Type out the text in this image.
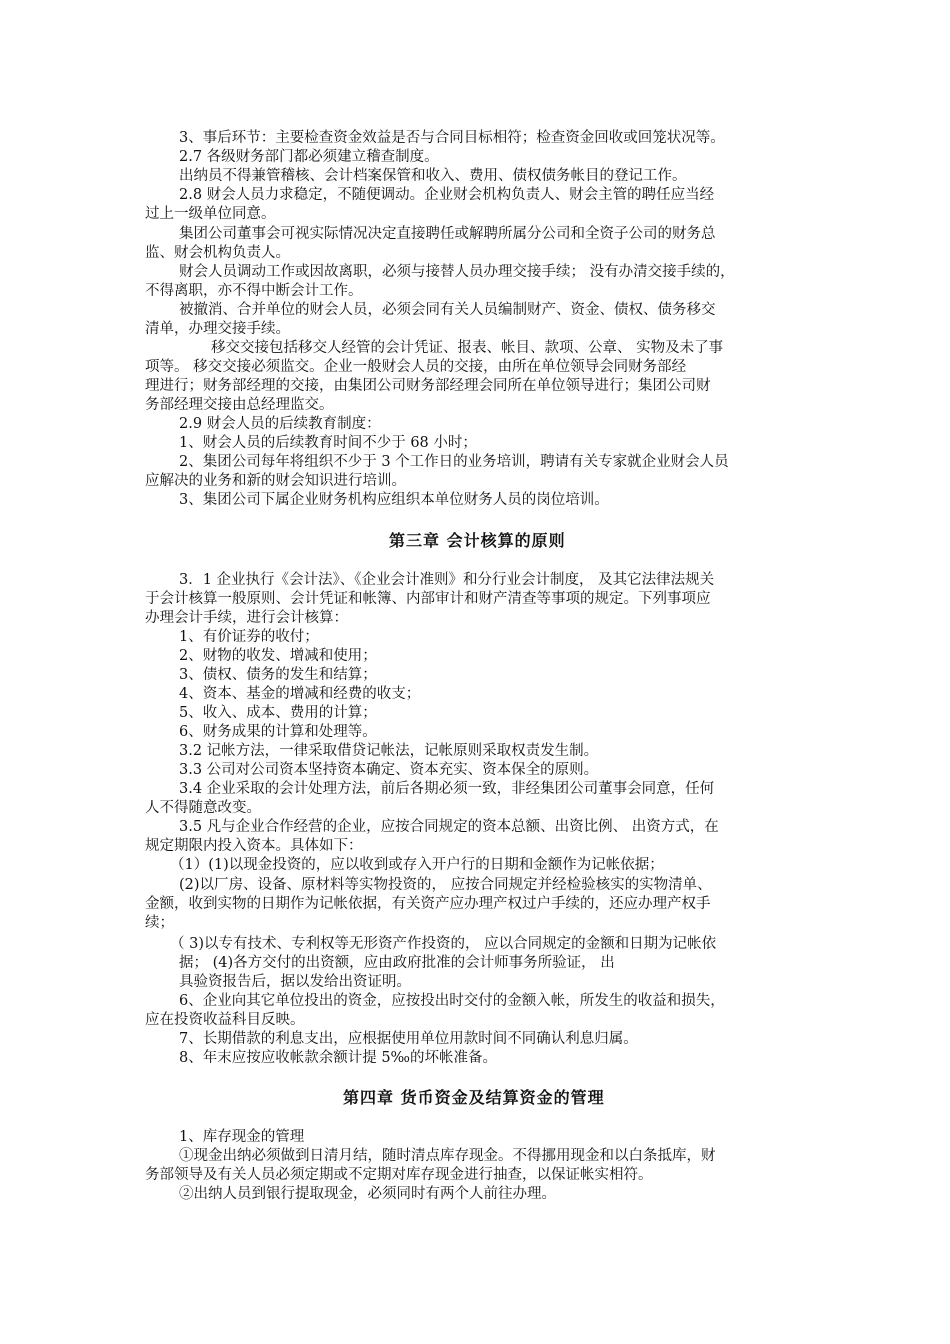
3、事后环节：主要检查资金效益是否与合同目标相符；检查资金回收或回笼状况等。

2.7 各级财务部门都必须建立稽查制度。

出纳员不得兼管稽核、会计档案保管和收入、费用、债权债务帐目的登记工作。

2.8 财会人员力求稳定，不随便调动。企业财会机构负责人、财会主管的聘任应当经

过上一级单位同意。

集团公司董事会可视实际情况决定直接聘任或解聘所属分公司和全资子公司的财务总

监、财会机构负责人。

财会人员调动工作或因故离职，必须与接替人员办理交接手续； 没有办清交接手续的，

不得离职，亦不得中断会计工作。

被撤消、合并单位的财会人员，必须会同有关人员编制财产、资金、债权、债务移交

清单，办理交接手续。

移交交接包括移交人经管的会计凭证、报表、帐目、款项、公章、 实物及未了事

项等。 移交交接必须监交。企业一般财会人员的交接，由所在单位领导会同财务部经

理进行；财务部经理的交接，由集团公司财务部经理会同所在单位领导进行；集团公司财

务部经理交接由总经理监交。

2.9 财会人员的后续教育制度：

1、财会人员的后续教育时间不少于 68 小时；

2、集团公司每年将组织不少于 3 个工作日的业务培训，聘请有关专家就企业财会人员

应解决的业务和新的财会知识进行培训。

3、集团公司下属企业财务机构应组织本单位财务人员的岗位培训。

第三章 会计核算的原则

3．1 企业执行《会计法》、《企业会计准则》和分行业会计制度， 及其它法律法规关

于会计核算一般原则、会计凭证和帐簿、内部审计和财产清查等事项的规定。下列事项应

办理会计手续，进行会计核算：

1、有价证券的收付；

2、财物的收发、增减和使用；

3、债权、债务的发生和结算；

4、资本、基金的增减和经费的收支；

5、收入、成本、费用的计算；

6、财务成果的计算和处理等。

3.2 记帐方法，一律采取借贷记帐法，记帐原则采取权责发生制。

3.3 公司对公司资本坚持资本确定、资本充实、资本保全的原则。

3.4 企业采取的会计处理方法，前后各期必须一致，非经集团公司董事会同意，任何

人不得随意改变。

3.5 凡与企业合作经营的企业，应按合同规定的资本总额、出资比例、 出资方式，在

规定期限内投入资本。具体如下：

（1）(1)以现金投资的，应以收到或存入开户行的日期和金额作为记帐依据；

(2)以厂房、设备、原材料等实物投资的， 应按合同规定并经检验核实的实物清单、

金额，收到实物的日期作为记帐依据，有关资产应办理产权过户手续的，还应办理产权手

续；

（ 3)以专有技术、专利权等无形资产作投资的， 应以合同规定的金额和日期为记帐依

据； (4)各方交付的出资额，应由政府批准的会计师事务所验证， 出

具验资报告后，据以发给出资证明。

6、企业向其它单位投出的资金，应按投出时交付的金额入帐，所发生的收益和损失，

应在投资收益科目反映。

7、长期借款的利息支出，应根据使用单位用款时间不同确认利息归属。

8、年末应按应收帐款余额计提 5‰的坏帐准备。

第四章 货币资金及结算资金的管理

1、库存现金的管理

①现金出纳必须做到日清月结，随时清点库存现金。不得挪用现金和以白条抵库，财

务部领导及有关人员必须定期或不定期对库存现金进行抽查，以保证帐实相符。

②出纳人员到银行提取现金，必须同时有两个人前往办理。
